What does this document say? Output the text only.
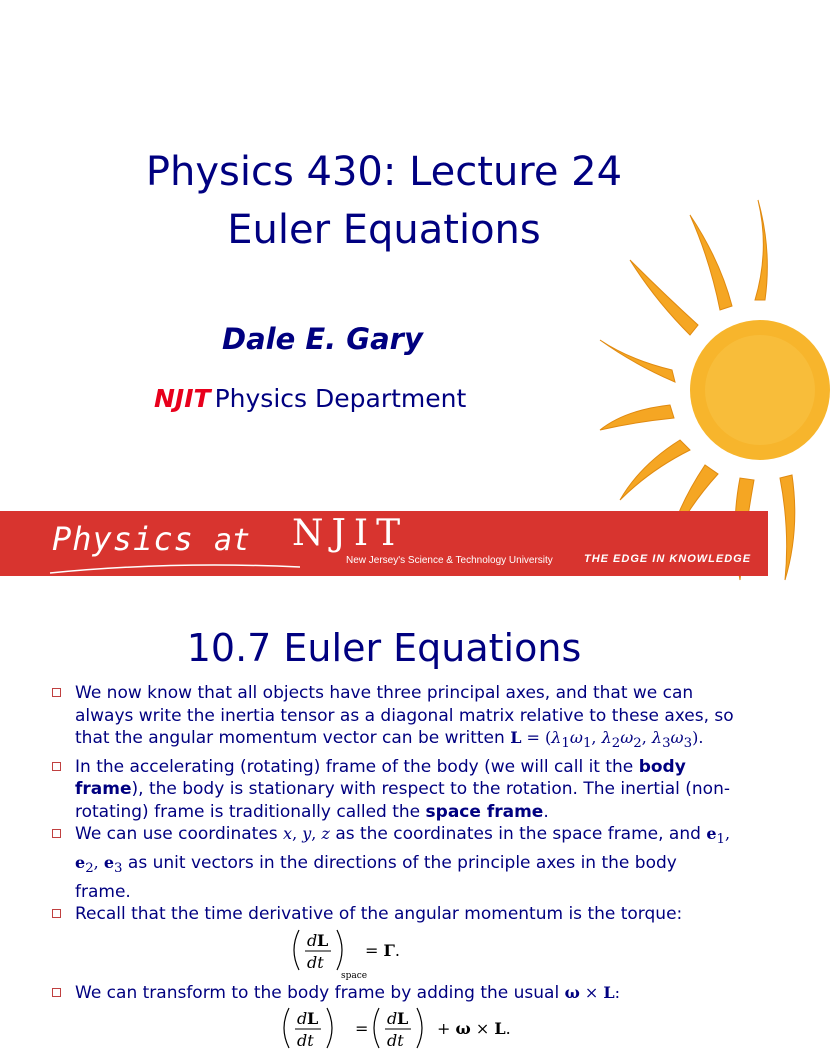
Physics 430: Lecture 24
Euler Equations
Dale E. Gary
NJIT Physics Department
Physics at NJIT
New Jersey's Science & Technology University	THE EDGE IN KNOWLEDGE
10.7 Euler Equations
We now know that all objects have three principal axes, and that we can always write the inertia tensor as a diagonal matrix relative to these axes, so that the angular momentum vector can be written $L = (\lambda_1\omega_1$, $\lambda_2\omega_2$, $\lambda_3\omega_3$).
In the accelerating (rotating) frame of the body (we will call it the body frame), the body is stationary with respect to the rotation. The inertial (non-rotating) frame is traditionally called the space frame.
We can use coordinates x, y, z as the coordinates in the space frame, and $e_1$, $e_2$, $e_3$ as unit vectors in the directions of the principle axes in the body frame.
Recall that the time derivative of the angular momentum is the torque:
d L
dt
space
= Γ.
We can transform to the body frame by adding the usual ω × L:
d L
dt
=
d L
dt
+ ω × L.
